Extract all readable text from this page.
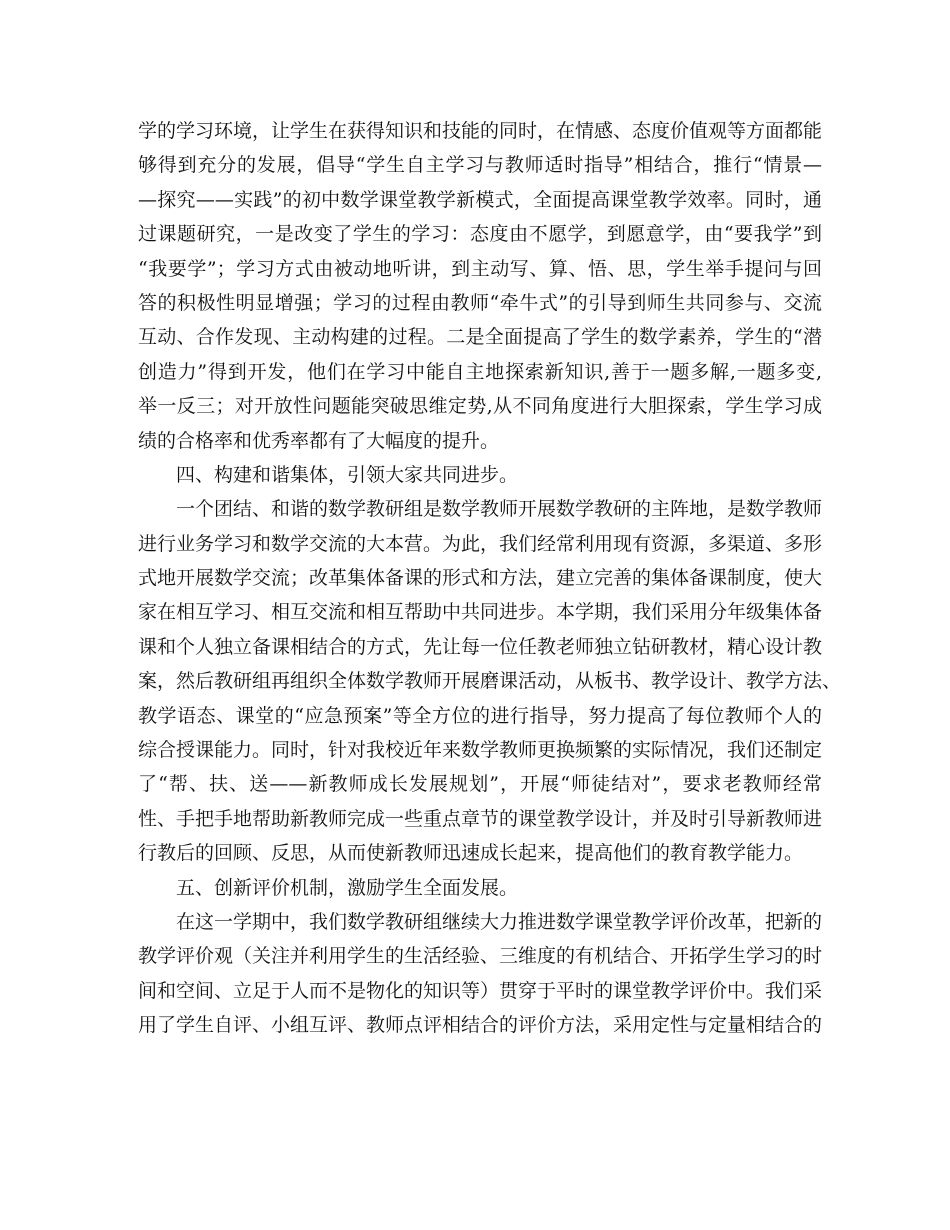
学的学习环境，让学生在获得知识和技能的同时，在情感、态度价值观等方面都能
够得到充分的发展，倡导“学生自主学习与教师适时指导”相结合，推行“情景—
—探究——实践”的初中数学课堂教学新模式，全面提高课堂教学效率。同时，通
过课题研究，一是改变了学生的学习：态度由不愿学，到愿意学，由“要我学”到
“我要学”；学习方式由被动地听讲，到主动写、算、悟、思，学生举手提问与回
答的积极性明显增强；学习的过程由教师“牵牛式”的引导到师生共同参与、交流
互动、合作发现、主动构建的过程。二是全面提高了学生的数学素养，学生的“潜
创造力”得到开发，他们在学习中能自主地探索新知识,善于一题多解,一题多变,
举一反三；对开放性问题能突破思维定势,从不同角度进行大胆探索，学生学习成
绩的合格率和优秀率都有了大幅度的提升。
四、构建和谐集体，引领大家共同进步。
一个团结、和谐的数学教研组是数学教师开展数学教研的主阵地，是数学教师
进行业务学习和数学交流的大本营。为此，我们经常利用现有资源，多渠道、多形
式地开展数学交流；改革集体备课的形式和方法，建立完善的集体备课制度，使大
家在相互学习、相互交流和相互帮助中共同进步。本学期，我们采用分年级集体备
课和个人独立备课相结合的方式，先让每一位任教老师独立钻研教材，精心设计教
案，然后教研组再组织全体数学教师开展磨课活动，从板书、教学设计、教学方法、
教学语态、课堂的“应急预案”等全方位的进行指导，努力提高了每位教师个人的
综合授课能力。同时，针对我校近年来数学教师更换频繁的实际情况，我们还制定
了“帮、扶、送——新教师成长发展规划”，开展“师徒结对”，要求老教师经常
性、手把手地帮助新教师完成一些重点章节的课堂教学设计，并及时引导新教师进
行教后的回顾、反思，从而使新教师迅速成长起来，提高他们的教育教学能力。
五、创新评价机制，激励学生全面发展。
在这一学期中，我们数学教研组继续大力推进数学课堂教学评价改革，把新的
教学评价观（关注并利用学生的生活经验、三维度的有机结合、开拓学生学习的时
间和空间、立足于人而不是物化的知识等）贯穿于平时的课堂教学评价中。我们采
用了学生自评、小组互评、教师点评相结合的评价方法，采用定性与定量相结合的
